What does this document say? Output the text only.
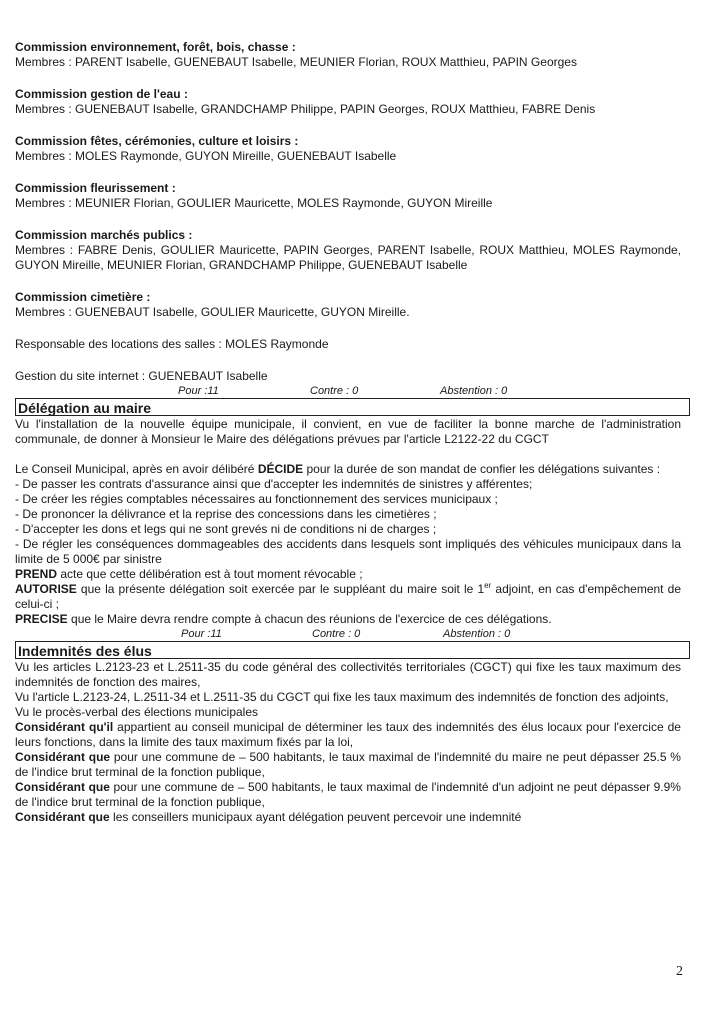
Commission environnement, forêt, bois, chasse :
Membres : PARENT Isabelle, GUENEBAUT Isabelle, MEUNIER Florian, ROUX Matthieu, PAPIN Georges
Commission gestion de l'eau :
Membres : GUENEBAUT Isabelle, GRANDCHAMP Philippe, PAPIN Georges, ROUX Matthieu, FABRE Denis
Commission fêtes, cérémonies, culture et loisirs :
Membres : MOLES Raymonde, GUYON Mireille, GUENEBAUT Isabelle
Commission fleurissement :
Membres : MEUNIER Florian, GOULIER Mauricette, MOLES Raymonde, GUYON Mireille
Commission marchés publics :
Membres : FABRE Denis, GOULIER Mauricette, PAPIN Georges, PARENT Isabelle, ROUX Matthieu, MOLES Raymonde, GUYON Mireille, MEUNIER Florian, GRANDCHAMP Philippe, GUENEBAUT Isabelle
Commission cimetière :
Membres : GUENEBAUT Isabelle, GOULIER Mauricette, GUYON Mireille.
Responsable des locations des salles : MOLES Raymonde
Gestion du site internet : GUENEBAUT Isabelle
Pour :11	Contre : 0	Abstention : 0
Délégation au maire

Vu l'installation de la nouvelle équipe municipale, il convient, en vue de faciliter la bonne marche de l'administration communale, de donner à Monsieur le Maire des délégations prévues par l'article L2122-22 du CGCT

Le Conseil Municipal, après en avoir délibéré DÉCIDE pour la durée de son mandat de confier les délégations suivantes :

- De passer les contrats d'assurance ainsi que d'accepter les indemnités de sinistres y afférentes;

- De créer les régies comptables nécessaires au fonctionnement des services municipaux ;

- De prononcer la délivrance et la reprise des concessions dans les cimetières ;

- D'accepter les dons et legs qui ne sont grevés ni de conditions ni de charges ;

- De régler les conséquences dommageables des accidents dans lesquels sont impliqués des véhicules municipaux dans la limite de 5 000€ par sinistre

PREND acte que cette délibération est à tout moment révocable ;

AUTORISE que la présente délégation soit exercée par le suppléant du maire soit le 1er adjoint, en cas d'empêchement de celui-ci ;

PRECISE que le Maire devra rendre compte à chacun des réunions de l'exercice de ces délégations.

Pour :11	Contre : 0	Abstention : 0
Indemnités des élus

Vu les articles L.2123-23 et L.2511-35 du code général des collectivités territoriales (CGCT) qui fixe les taux maximum des indemnités de fonction des maires,

Vu l'article L.2123-24, L.2511-34 et L.2511-35 du CGCT qui fixe les taux maximum des indemnités de fonction des adjoints,

Vu le procès-verbal des élections municipales

Considérant qu'il appartient au conseil municipal de déterminer les taux des indemnités des élus locaux pour l'exercice de leurs fonctions, dans la limite des taux maximum fixés par la loi,

Considérant que pour une commune de – 500 habitants, le taux maximal de l'indemnité du maire ne peut dépasser 25.5 % de l'indice brut terminal de la fonction publique,

Considérant que pour une commune de – 500 habitants, le taux maximal de l'indemnité d'un adjoint ne peut dépasser 9.9% de l'indice brut terminal de la fonction publique,

Considérant que les conseillers municipaux ayant délégation peuvent percevoir une indemnité

2
